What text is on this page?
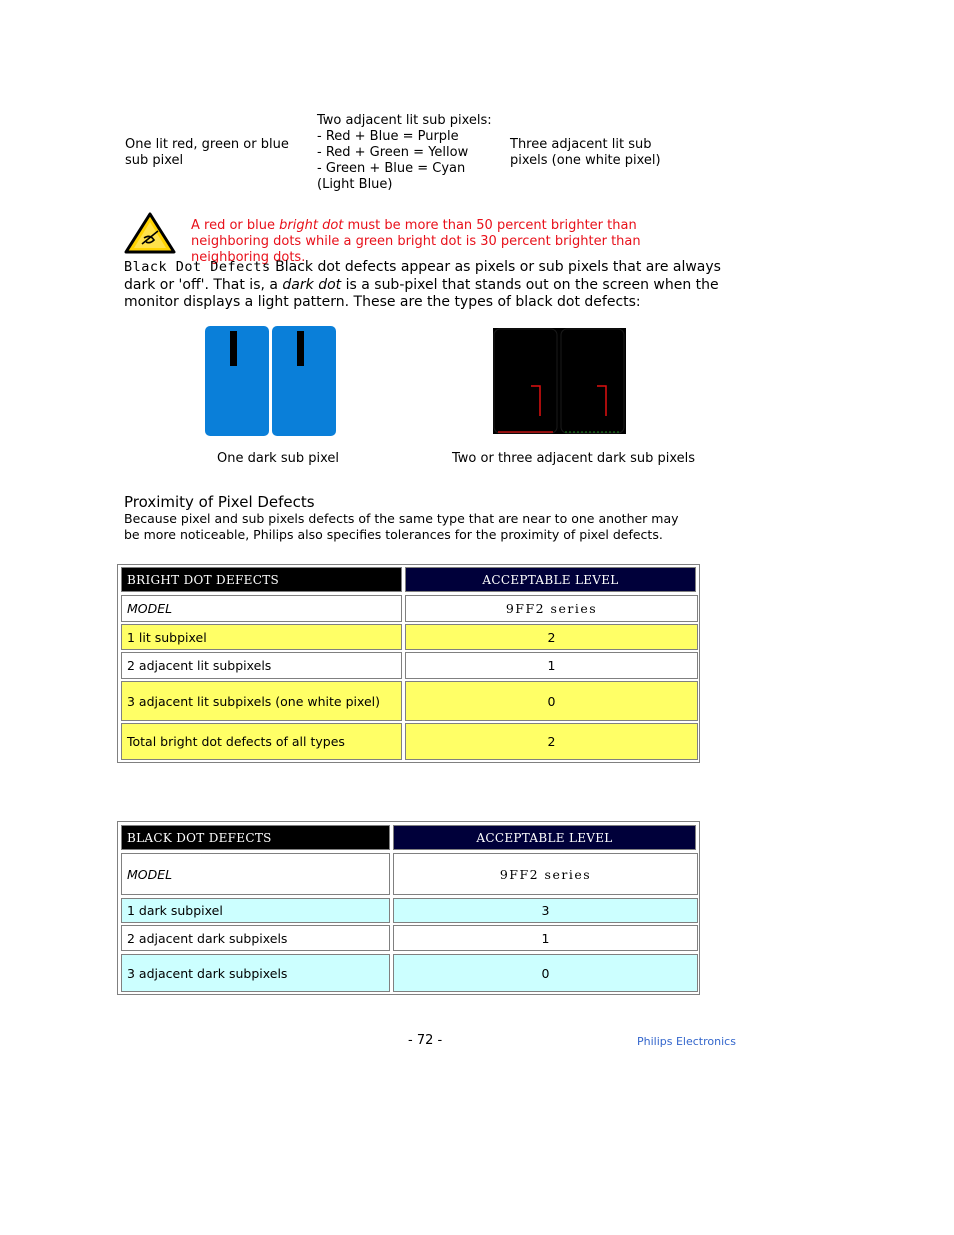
One lit red, green or blue sub pixel
Two adjacent lit sub pixels:
- Red + Blue = Purple
- Red + Green = Yellow
- Green + Blue = Cyan (Light Blue)
Three adjacent lit sub pixels (one white pixel)
A red or blue bright dot must be more than 50 percent brighter than neighboring dots while a green bright dot is 30 percent brighter than neighboring dots.
Black Dot Defects Black dot defects appear as pixels or sub pixels that are always dark or 'off'. That is, a dark dot is a sub-pixel that stands out on the screen when the monitor displays a light pattern. These are the types of black dot defects:
One dark sub pixel	Two or three adjacent dark sub pixels
Proximity of Pixel Defects
Because pixel and sub pixels defects of the same type that are near to one another may be more noticeable, Philips also specifies tolerances for the proximity of pixel defects.
BRIGHT DOT DEFECTS	ACCEPTABLE LEVEL
MODEL	9FF2 series
1 lit subpixel	2
2 adjacent lit subpixels	1
3 adjacent lit subpixels (one white pixel)	0
Total bright dot defects of all types	2
BLACK DOT DEFECTS	ACCEPTABLE LEVEL
MODEL	9FF2 series
1 dark subpixel	3
2 adjacent dark subpixels	1
3 adjacent dark subpixels	0
- 72 -	Philips Electronics
